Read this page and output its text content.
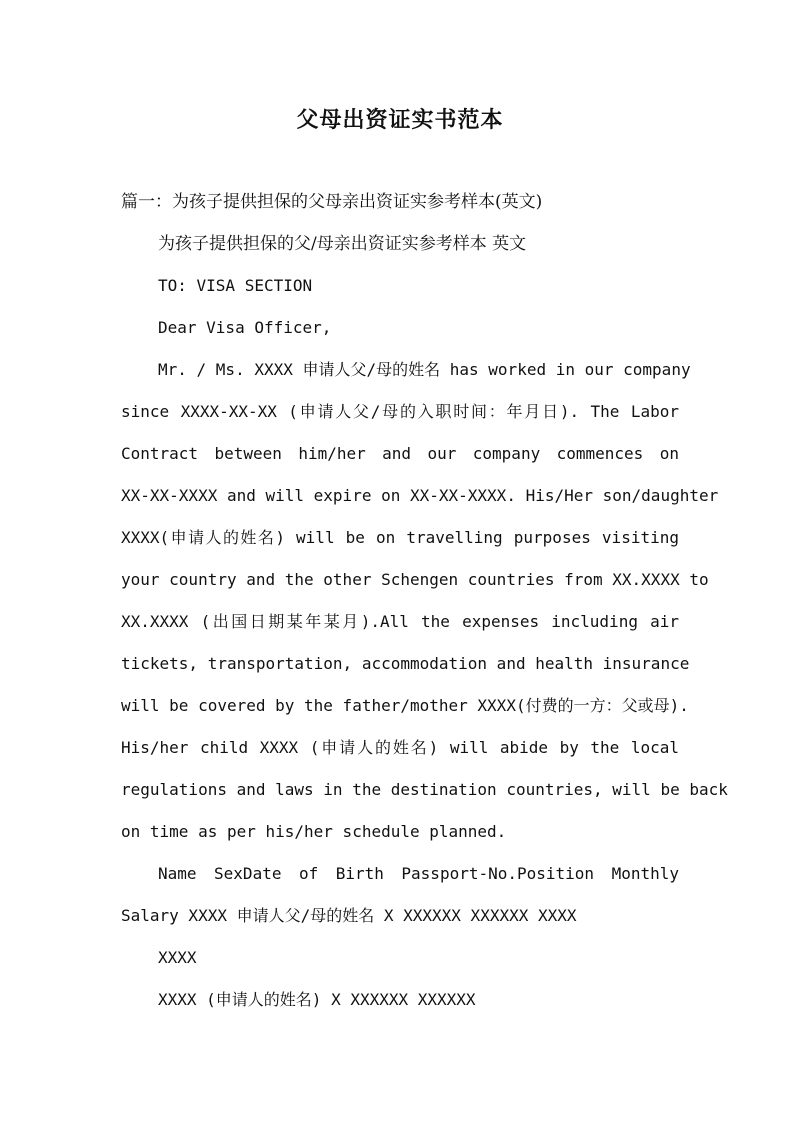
父母出资证实书范本
篇一：为孩子提供担保的父母亲出资证实参考样本(英文)
为孩子提供担保的父/母亲出资证实参考样本 英文
TO: VISA SECTION
Dear Visa Officer,
Mr. / Ms. XXXX 申请人父/母的姓名 has worked in our company
since XXXX-XX-XX (申请人父/母的入职时间：年月日). The Labor
Contract between him/her and our company commences on
XX-XX-XXXX and will expire on XX-XX-XXXX. His/Her son/daughter
XXXX(申请人的姓名) will be on travelling purposes visiting
your country and the other Schengen countries from XX.XXXX to
XX.XXXX (出国日期某年某月).All the expenses including air
tickets, transportation, accommodation and health insurance
will be covered by the father/mother XXXX(付费的一方：父或母).
His/her child XXXX (申请人的姓名) will abide by the local
regulations and laws in the destination countries, will be back
on time as per his/her schedule planned.
Name SexDate of Birth Passport-No.Position Monthly
Salary XXXX 申请人父/母的姓名 X XXXXXX XXXXXX XXXX
XXXX
XXXX (申请人的姓名) X XXXXXX XXXXXX
